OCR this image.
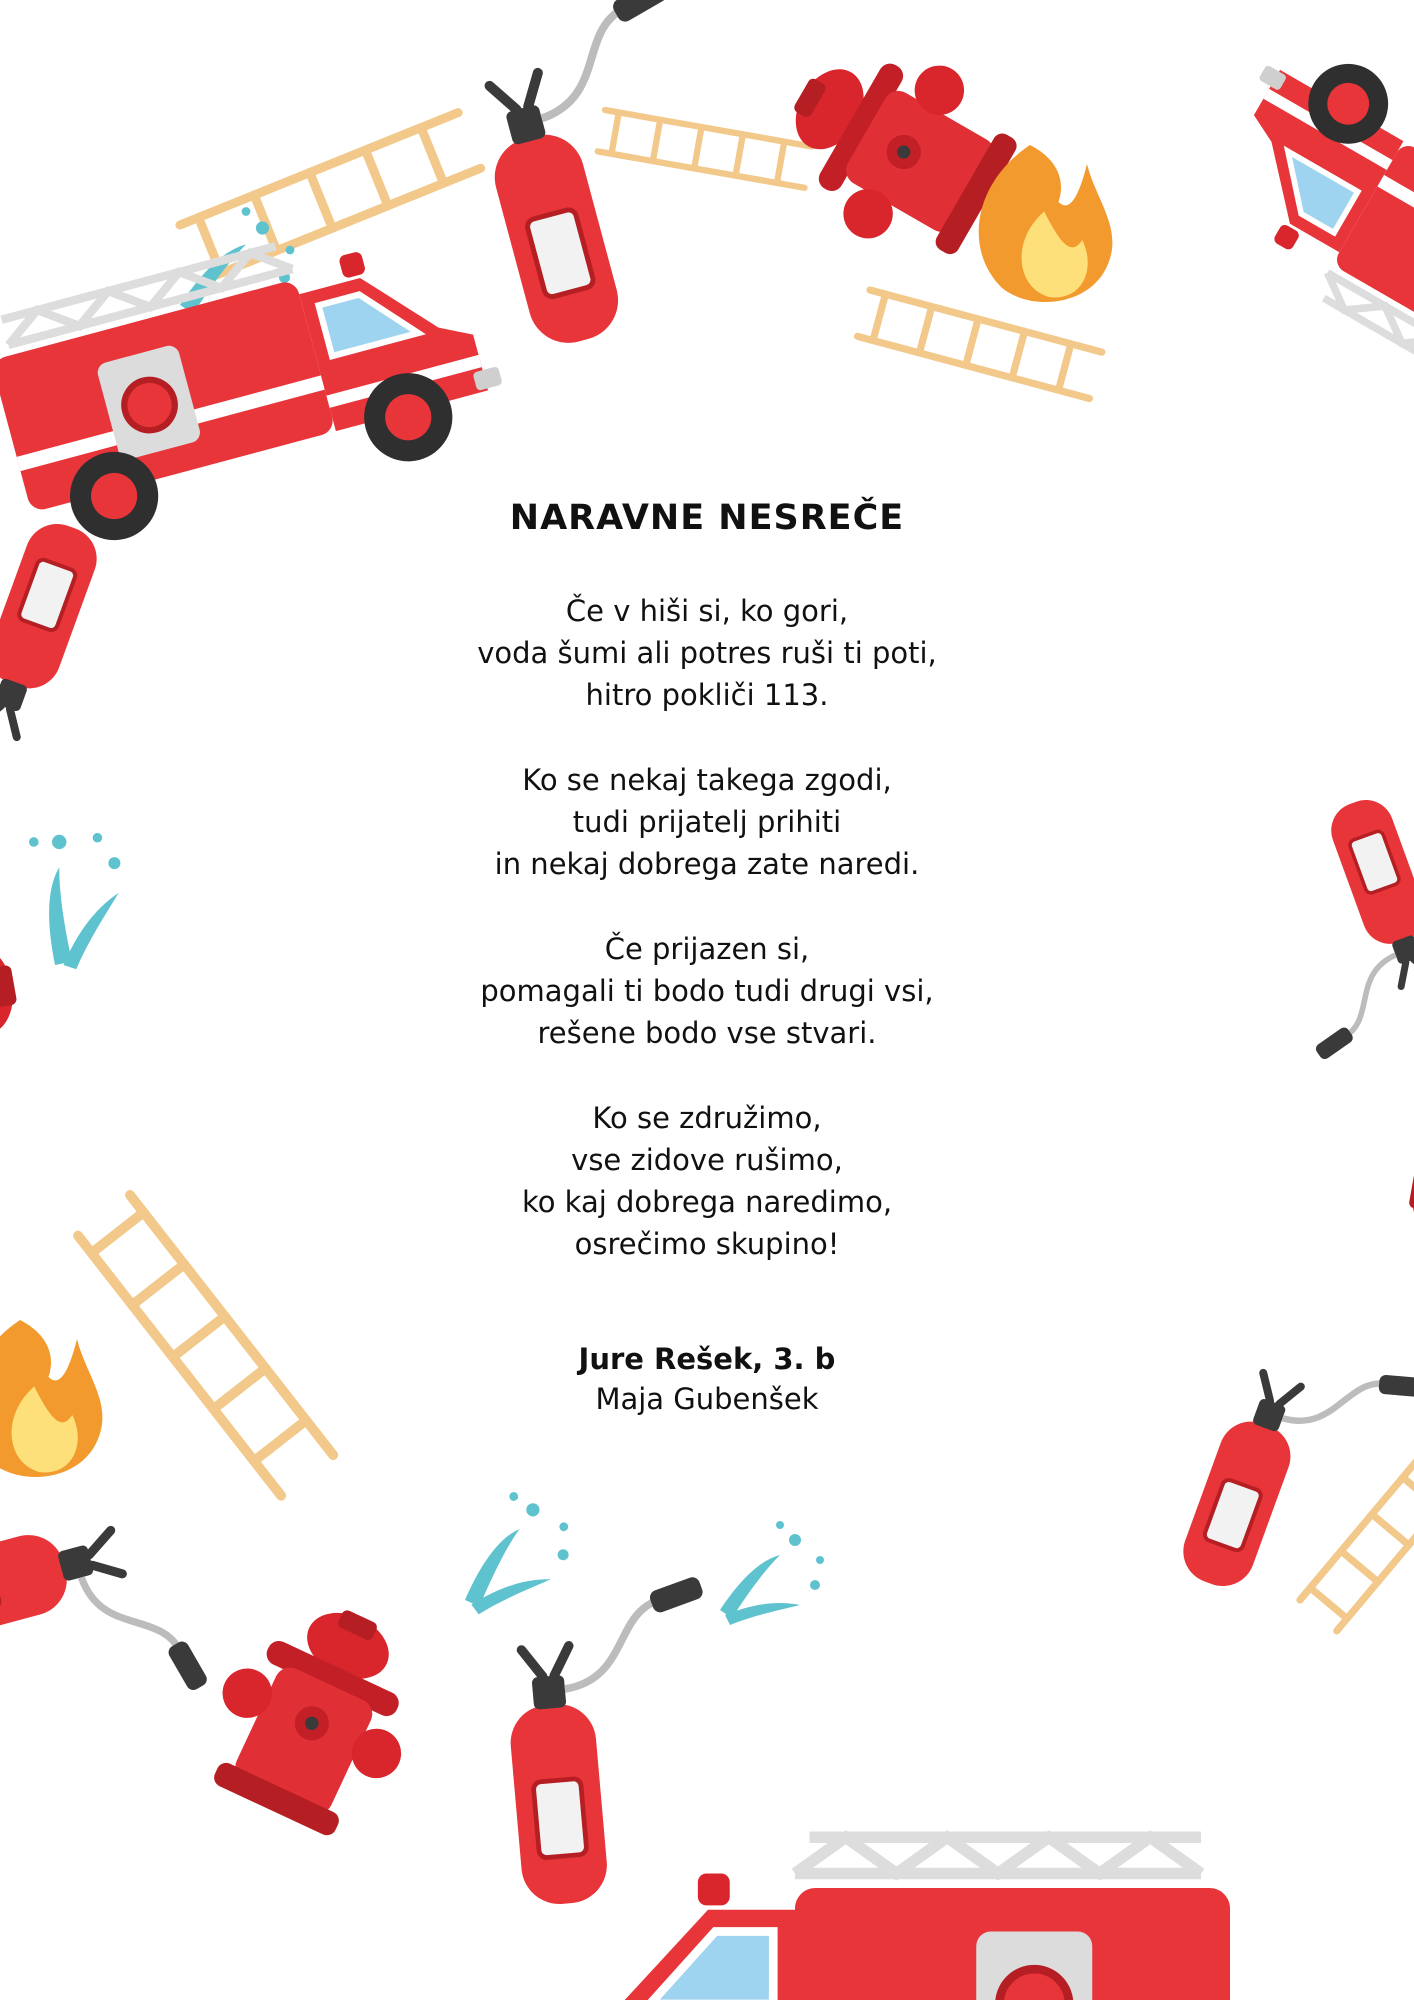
NARAVNE NESREČE
Če v hiši si, ko gori,
voda šumi ali potres ruši ti poti,
hitro pokliči 113.
Ko se nekaj takega zgodi,
tudi prijatelj prihiti
in nekaj dobrega zate naredi.
Če prijazen si,
pomagali ti bodo tudi drugi vsi,
rešene bodo vse stvari.
Ko se združimo,
vse zidove rušimo,
ko kaj dobrega naredimo,
osrečimo skupino!
Jure Rešek, 3. b
Maja Gubenšek
